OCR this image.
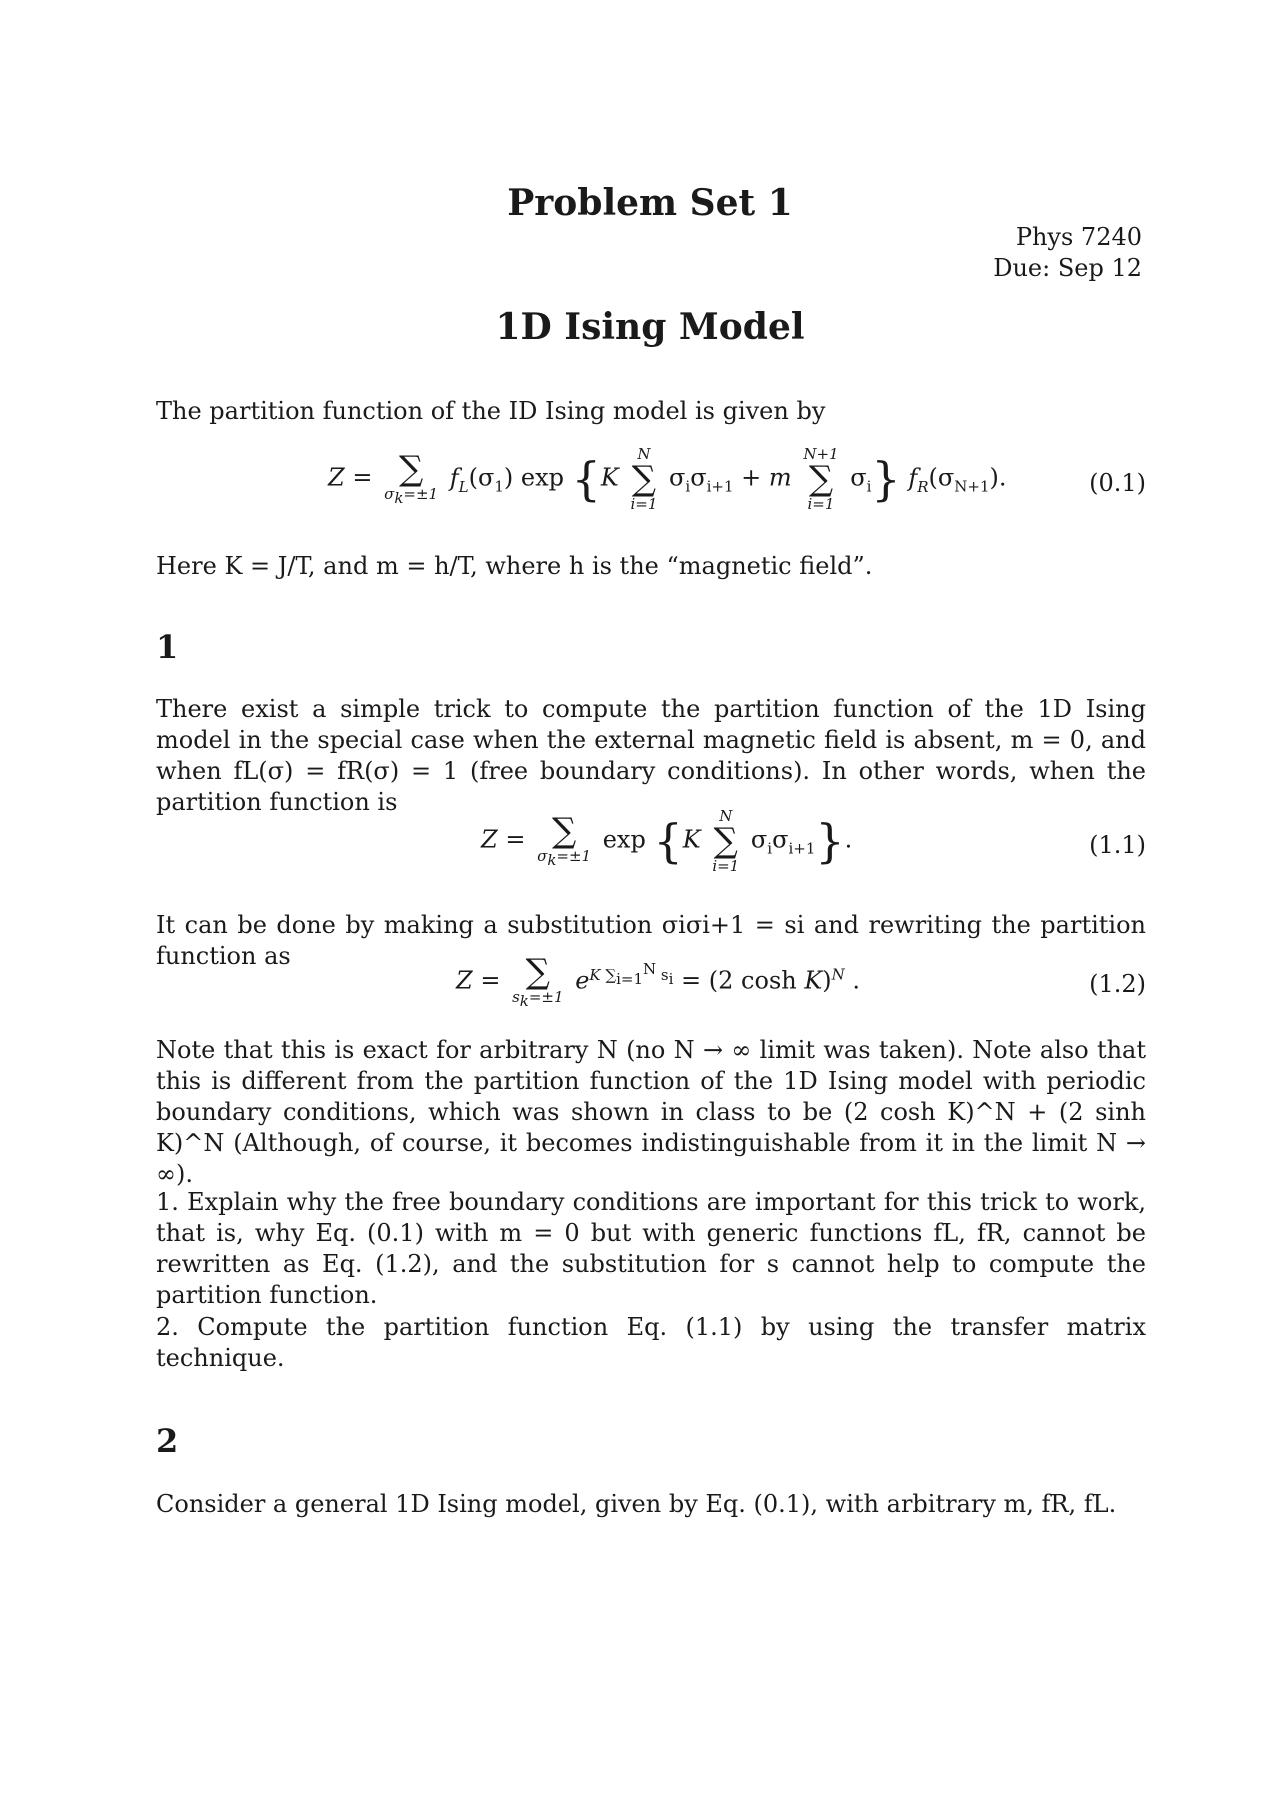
Problem Set 1
Phys 7240
Due: Sep 12
1D Ising Model

The partition function of the ID Ising model is given by

Z = ∑
$\sigma_k=\pm 1$
$f_L(\sigma_1)$ exp {K
N
∑
i=1
$\sigma_i\sigma_{i+1} + m$
N+1
∑
i=1
$\sigma_i$} $f_R(\sigma_{N+1})$.	(0.1)

Here K = J/T, and m = h/T, where h is the “magnetic field”.

1

There exist a simple trick to compute the partition function of the 1D Ising model in the special case when the external magnetic field is absent, m = 0, and when fL(σ) = fR(σ) = 1 (free boundary conditions). In other words, when the partition function is

Z = ∑
$\sigma_k=\pm 1$
exp {K
N
∑
i=1
$\sigma_i\sigma_{i+1}$}.	(1.1)

It can be done by making a substitution σiσi+1 = si and rewriting the partition function as

Z = ∑
$s_k=\pm 1$
$e^{K \sum_{i=1}^N s_i} = (2$ cosh K)$^N$ .	(1.2)

Note that this is exact for arbitrary N (no N → ∞ limit was taken). Note also that this is different from the partition function of the 1D Ising model with periodic boundary conditions, which was shown in class to be (2 cosh K)^N + (2 sinh K)^N (Although, of course, it becomes indistinguishable from it in the limit N → ∞).

1. Explain why the free boundary conditions are important for this trick to work, that is, why Eq. (0.1) with m = 0 but with generic functions fL, fR, cannot be rewritten as Eq. (1.2), and the substitution for s cannot help to compute the partition function.

2. Compute the partition function Eq. (1.1) by using the transfer matrix technique.

2

Consider a general 1D Ising model, given by Eq. (0.1), with arbitrary m, fR, fL.
